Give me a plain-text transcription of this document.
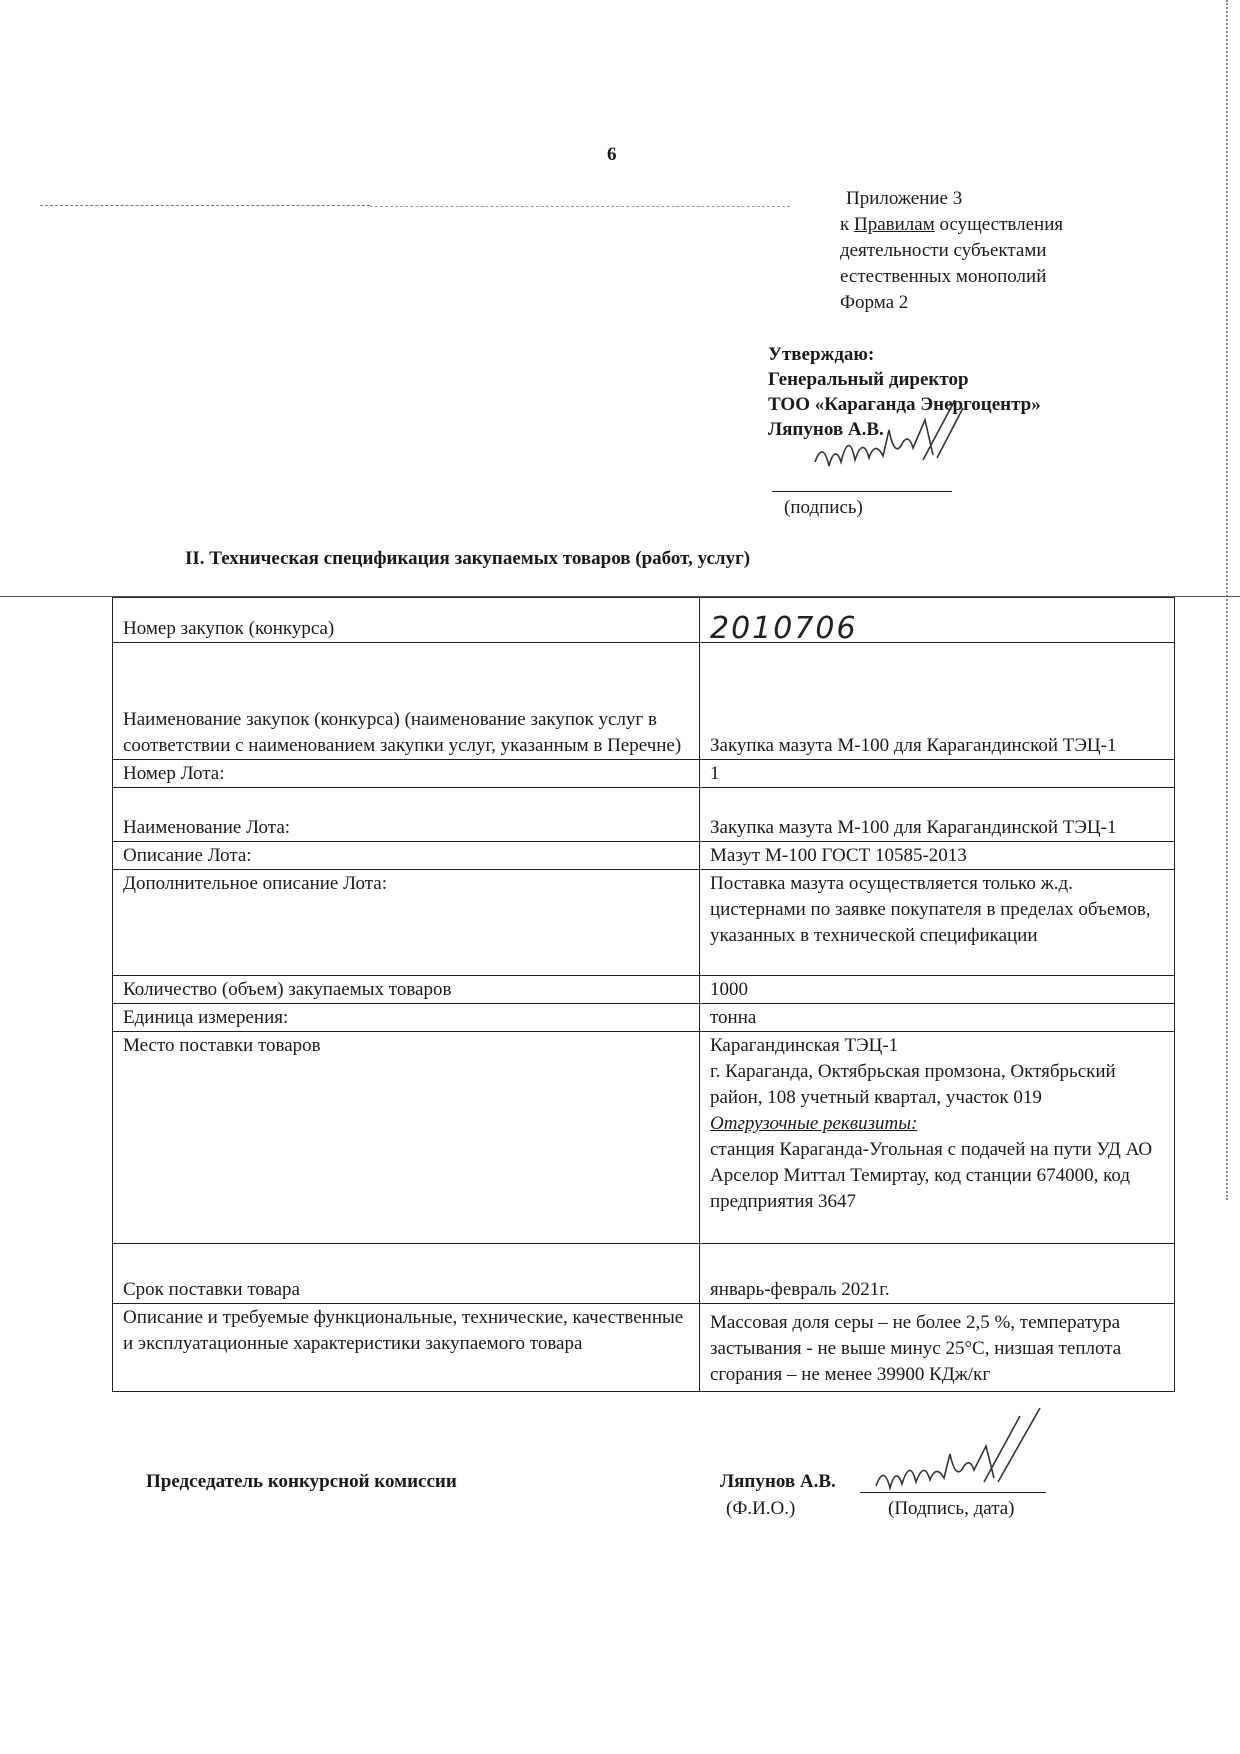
6
Приложение 3
к Правилам осуществления
деятельности субъектами
естественных монополий
Форма 2
Утверждаю:
Генеральный директор
ТОО «Караганда Энергоцентр»
Ляпунов А.В.
(подпись)
II. Техническая спецификация закупаемых товаров (работ, услуг)
Номер закупок (конкурса)	2010706
Наименование закупок (конкурса) (наименование закупок услуг в соответствии с наименованием закупки услуг, указанным в Перечне)	Закупка мазута М-100 для Карагандинской ТЭЦ-1
Номер Лота:	1
Наименование Лота:	Закупка мазута М-100 для Карагандинской ТЭЦ-1
Описание Лота:	Мазут М-100 ГОСТ 10585-2013
Дополнительное описание Лота:	Поставка мазута осуществляется только ж.д. цистернами по заявке покупателя в пределах объемов, указанных в технической спецификации
Количество (объем) закупаемых товаров	1000
Единица измерения:	тонна
Место поставки товаров	Карагандинская ТЭЦ-1
г. Караганда, Октябрьская промзона, Октябрьский район, 108 учетный квартал, участок 019
Отгрузочные реквизиты:
станция Караганда-Угольная с подачей на пути УД АО Арселор Миттал Темиртау, код станции 674000, код предприятия 3647

Срок поставки товара	январь-февраль 2021г.
Описание и требуемые функциональные, технические, качественные и эксплуатационные характеристики закупаемого товара	Массовая доля серы – не более 2,5 %, температура застывания - не выше минус 25°С, низшая теплота сгорания – не менее 39900 КДж/кг
Председатель конкурсной комиссии	Ляпунов А.В.
(Ф.И.О.)	(Подпись, дата)
